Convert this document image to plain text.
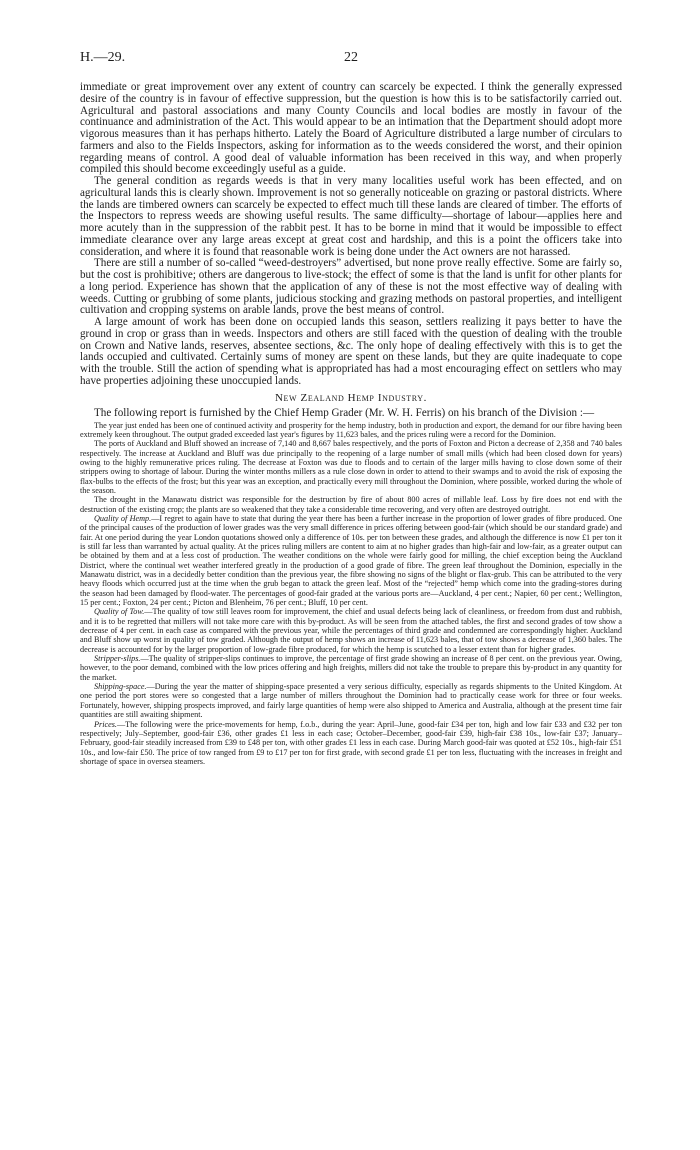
H.—29.	22

immediate or great improvement over any extent of country can scarcely be expected. I think the generally expressed desire of the country is in favour of effective suppression, but the question is how this is to be satisfactorily carried out. Agricultural and pastoral associations and many County Councils and local bodies are mostly in favour of the continuance and administration of the Act. This would appear to be an intimation that the Department should adopt more vigorous measures than it has perhaps hitherto. Lately the Board of Agriculture distributed a large number of circulars to farmers and also to the Fields Inspectors, asking for information as to the weeds considered the worst, and their opinion regarding means of control. A good deal of valuable information has been received in this way, and when properly compiled this should become exceedingly useful as a guide.

The general condition as regards weeds is that in very many localities useful work has been effected, and on agricultural lands this is clearly shown. Improvement is not so generally noticeable on grazing or pastoral districts. Where the lands are timbered owners can scarcely be expected to effect much till these lands are cleared of timber. The efforts of the Inspectors to repress weeds are showing useful results. The same difficulty—shortage of labour—applies here and more acutely than in the suppression of the rabbit pest. It has to be borne in mind that it would be impossible to effect immediate clearance over any large areas except at great cost and hardship, and this is a point the officers take into consideration, and where it is found that reasonable work is being done under the Act owners are not harassed.

There are still a number of so-called “weed-destroyers” advertised, but none prove really effective. Some are fairly so, but the cost is prohibitive; others are dangerous to live-stock; the effect of some is that the land is unfit for other plants for a long period. Experience has shown that the application of any of these is not the most effective way of dealing with weeds. Cutting or grubbing of some plants, judicious stocking and grazing methods on pastoral properties, and intelligent cultivation and cropping systems on arable lands, prove the best means of control.

A large amount of work has been done on occupied lands this season, settlers realizing it pays better to have the ground in crop or grass than in weeds. Inspectors and others are still faced with the question of dealing with the trouble on Crown and Native lands, reserves, absentee sections, &c. The only hope of dealing effectively with this is to get the lands occupied and cultivated. Certainly sums of money are spent on these lands, but they are quite inadequate to cope with the trouble. Still the action of spending what is appropriated has had a most encouraging effect on settlers who may have properties adjoining these unoccupied lands.

New Zealand Hemp Industry.

The following report is furnished by the Chief Hemp Grader (Mr. W. H. Ferris) on his branch of the Division :—

The year just ended has been one of continued activity and prosperity for the hemp industry, both in production and export, the demand for our fibre having been extremely keen throughout. The output graded exceeded last year's figures by 11,623 bales, and the prices ruling were a record for the Dominion.

The ports of Auckland and Bluff showed an increase of 7,140 and 8,667 bales respectively, and the ports of Foxton and Picton a decrease of 2,358 and 740 bales respectively. The increase at Auckland and Bluff was due principally to the reopening of a large number of small mills (which had been closed down for years) owing to the highly remunerative prices ruling. The decrease at Foxton was due to floods and to certain of the larger mills having to close down some of their strippers owing to shortage of labour. During the winter months millers as a rule close down in order to attend to their swamps and to avoid the risk of exposing the flax-bulbs to the effects of the frost; but this year was an exception, and practically every mill throughout the Dominion, where possible, worked during the whole of the season.

The drought in the Manawatu district was responsible for the destruction by fire of about 800 acres of millable leaf. Loss by fire does not end with the destruction of the existing crop; the plants are so weakened that they take a considerable time recovering, and very often are destroyed outright.

Quality of Hemp.—I regret to again have to state that during the year there has been a further increase in the proportion of lower grades of fibre produced. One of the principal causes of the production of lower grades was the very small difference in prices offering between good-fair (which should be our standard grade) and fair. At one period during the year London quotations showed only a difference of 10s. per ton between these grades, and although the difference is now £1 per ton it is still far less than warranted by actual quality. At the prices ruling millers are content to aim at no higher grades than high-fair and low-fair, as a greater output can be obtained by them and at a less cost of production. The weather conditions on the whole were fairly good for milling, the chief exception being the Auckland District, where the continual wet weather interfered greatly in the production of a good grade of fibre. The green leaf throughout the Dominion, especially in the Manawatu district, was in a decidedly better condition than the previous year, the fibre showing no signs of the blight or flax-grub. This can be attributed to the very heavy floods which occurred just at the time when the grub began to attack the green leaf. Most of the “rejected” hemp which come into the grading-stores during the season had been damaged by flood-water. The percentages of good-fair graded at the various ports are—Auckland, 4 per cent.; Napier, 60 per cent.; Wellington, 15 per cent.; Foxton, 24 per cent.; Picton and Blenheim, 76 per cent.; Bluff, 10 per cent.

Quality of Tow.—The quality of tow still leaves room for improvement, the chief and usual defects being lack of cleanliness, or freedom from dust and rubbish, and it is to be regretted that millers will not take more care with this by-product. As will be seen from the attached tables, the first and second grades of tow show a decrease of 4 per cent. in each case as compared with the previous year, while the percentages of third grade and condemned are correspondingly higher. Auckland and Bluff show up worst in quality of tow graded. Although the output of hemp shows an increase of 11,623 bales, that of tow shows a decrease of 1,360 bales. The decrease is accounted for by the larger proportion of low-grade fibre produced, for which the hemp is scutched to a lesser extent than for higher grades.

Stripper-slips.—The quality of stripper-slips continues to improve, the percentage of first grade showing an increase of 8 per cent. on the previous year. Owing, however, to the poor demand, combined with the low prices offering and high freights, millers did not take the trouble to prepare this by-product in any quantity for the market.

Shipping-space.—During the year the matter of shipping-space presented a very serious difficulty, especially as regards shipments to the United Kingdom. At one period the port stores were so congested that a large number of millers throughout the Dominion had to practically cease work for three or four weeks. Fortunately, however, shipping prospects improved, and fairly large quantities of hemp were also shipped to America and Australia, although at the present time fair quantities are still awaiting shipment.

Prices.—The following were the price-movements for hemp, f.o.b., during the year: April–June, good-fair £34 per ton, high and low fair £33 and £32 per ton respectively; July–September, good-fair £36, other grades £1 less in each case; October–December, good-fair £39, high-fair £38 10s., low-fair £37; January–February, good-fair steadily increased from £39 to £48 per ton, with other grades £1 less in each case. During March good-fair was quoted at £52 10s., high-fair £51 10s., and low-fair £50. The price of tow ranged from £9 to £17 per ton for first grade, with second grade £1 per ton less, fluctuating with the increases in freight and shortage of space in oversea steamers.
